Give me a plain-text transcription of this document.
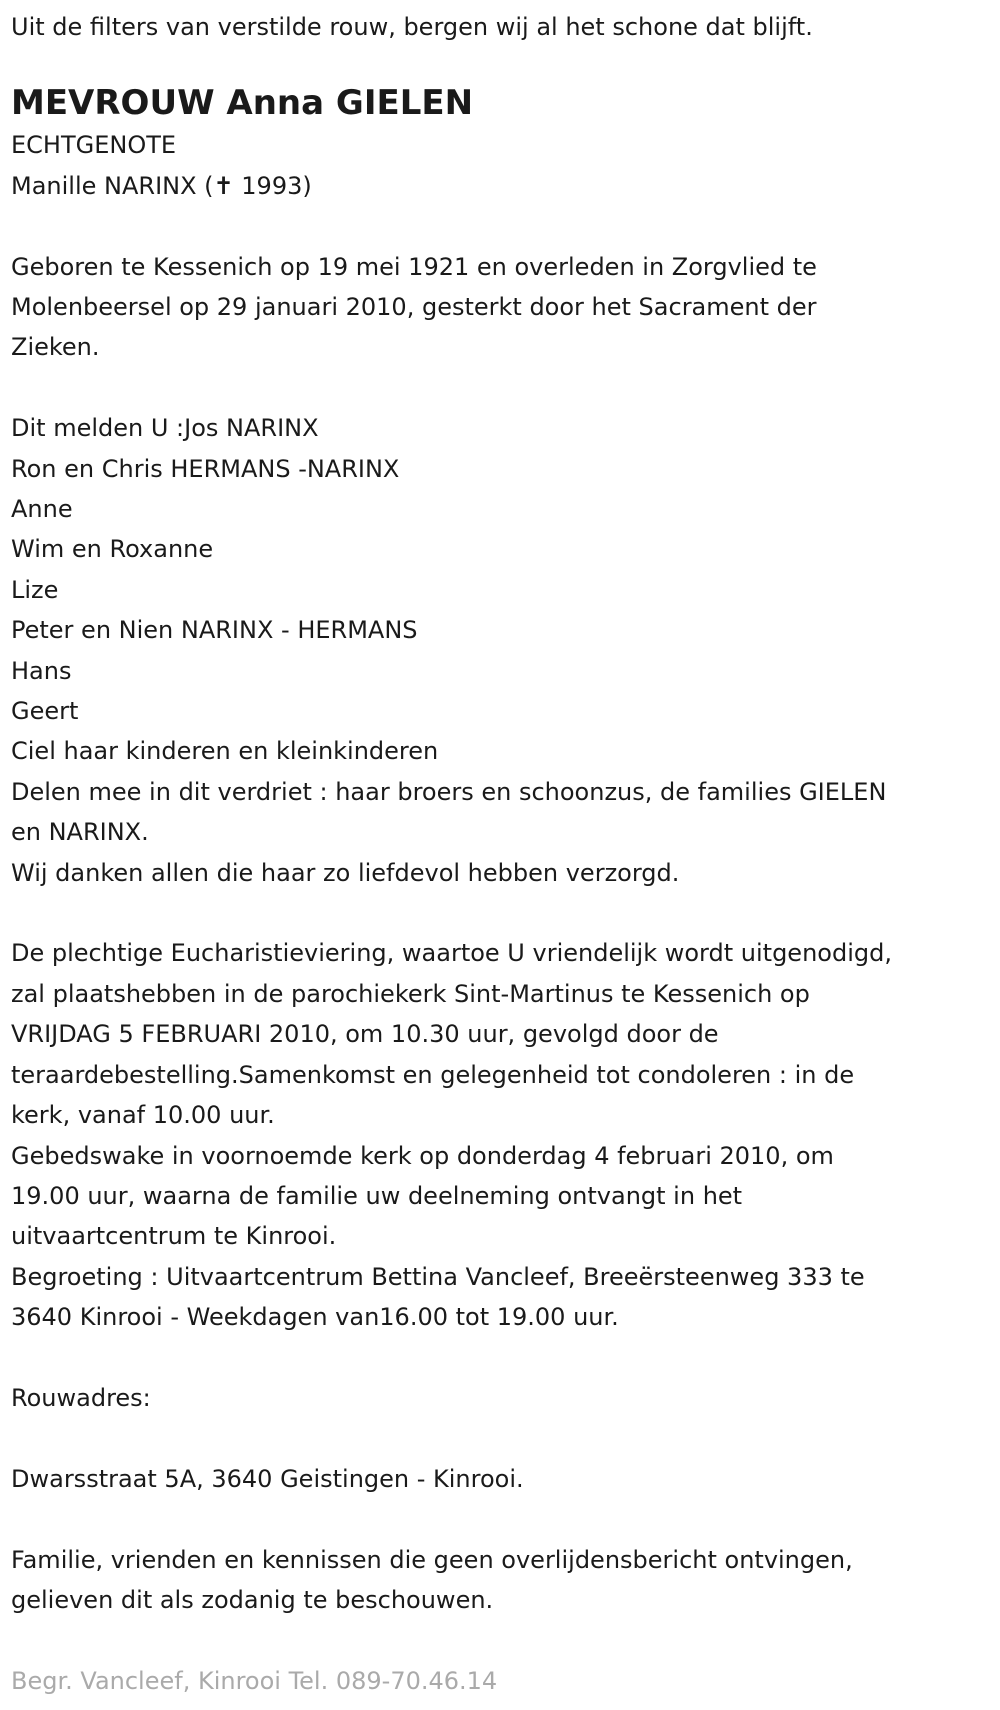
Uit de filters van verstilde rouw, bergen wij al het schone dat blijft.

MEVROUW Anna GIELEN

ECHTGENOTE

Manille NARINX (✝ 1993)

Geboren te Kessenich op 19 mei 1921 en overleden in Zorgvlied te

Molenbeersel op 29 januari 2010, gesterkt door het Sacrament der

Zieken.

Dit melden U :Jos NARINX

Ron en Chris HERMANS -NARINX

Anne

Wim en Roxanne

Lize

Peter en Nien NARINX - HERMANS

Hans

Geert

Ciel haar kinderen en kleinkinderen

Delen mee in dit verdriet : haar broers en schoonzus, de families GIELEN

en NARINX.

Wij danken allen die haar zo liefdevol hebben verzorgd.

De plechtige Eucharistieviering, waartoe U vriendelijk wordt uitgenodigd,

zal plaatshebben in de parochiekerk Sint-Martinus te Kessenich op

VRIJDAG 5 FEBRUARI 2010, om 10.30 uur, gevolgd door de

teraardebestelling.Samenkomst en gelegenheid tot condoleren : in de

kerk, vanaf 10.00 uur.

Gebedswake in voornoemde kerk op donderdag 4 februari 2010, om

19.00 uur, waarna de familie uw deelneming ontvangt in het

uitvaartcentrum te Kinrooi.

Begroeting : Uitvaartcentrum Bettina Vancleef, Breeërsteenweg 333 te

3640 Kinrooi - Weekdagen van16.00 tot 19.00 uur.

Rouwadres:

Dwarsstraat 5A, 3640 Geistingen - Kinrooi.

Familie, vrienden en kennissen die geen overlijdensbericht ontvingen,

gelieven dit als zodanig te beschouwen.

Begr. Vancleef, Kinrooi Tel. 089-70.46.14
